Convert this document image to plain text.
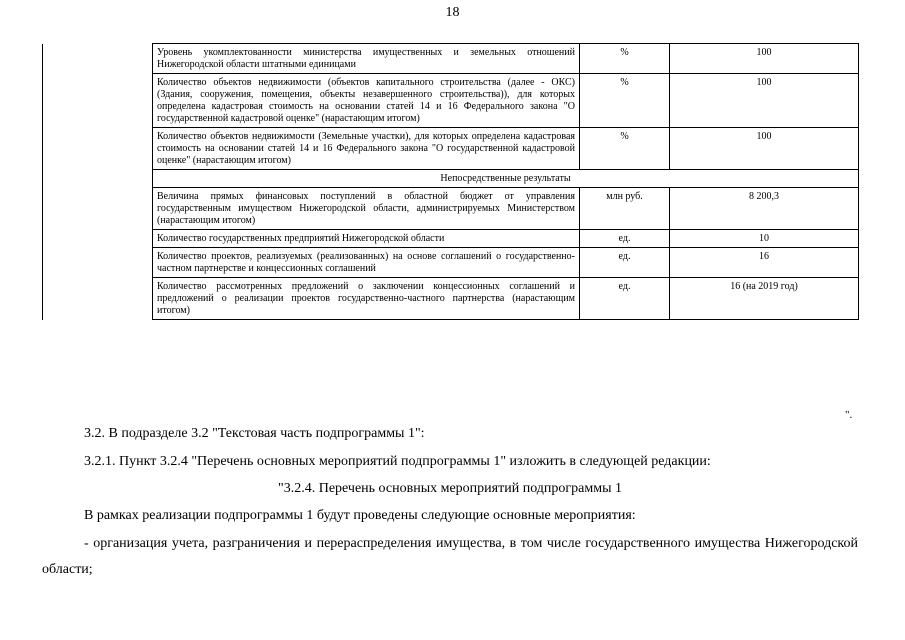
18
	Уровень укомплектованности министерства имущественных и земельных отношений Нижегородской области штатными единицами	%	100
	Количество объектов недвижимости (объектов капитального строительства (далее - ОКС) (Здания, сооружения, помещения, объекты незавершенного строительства)), для которых определена кадастровая стоимость на основании статей 14 и 16 Федерального закона "О государственной кадастровой оценке" (нарастающим итогом)	%	100
	Количество объектов недвижимости (Земельные участки), для которых определена кадастровая стоимость на основании статей 14 и 16 Федерального закона "О государственной кадастровой оценке" (нарастающим итогом)	%	100
	Непосредственные результаты		
	Величина прямых финансовых поступлений в областной бюджет от управления государственным имуществом Нижегородской области, администрируемых Министерством (нарастающим итогом)	млн руб.	8 200,3
	Количество государственных предприятий Нижегородской области	ед.	10
	Количество проектов, реализуемых (реализованных) на основе соглашений о государственно-частном партнерстве и концессионных соглашений	ед.	16
	Количество рассмотренных предложений о заключении концессионных соглашений и предложений о реализации проектов государственно-частного партнерства (нарастающим итогом)	ед.	16 (на 2019 год)
".

3.2. В подразделе 3.2 "Текстовая часть подпрограммы 1":

3.2.1. Пункт 3.2.4 "Перечень основных мероприятий подпрограммы 1" изложить в следующей редакции:

"3.2.4. Перечень основных мероприятий подпрограммы 1

В рамках реализации подпрограммы 1 будут проведены следующие основные мероприятия:

- организация учета, разграничения и перераспределения имущества, в том числе государственного имущества Нижегородской области;
